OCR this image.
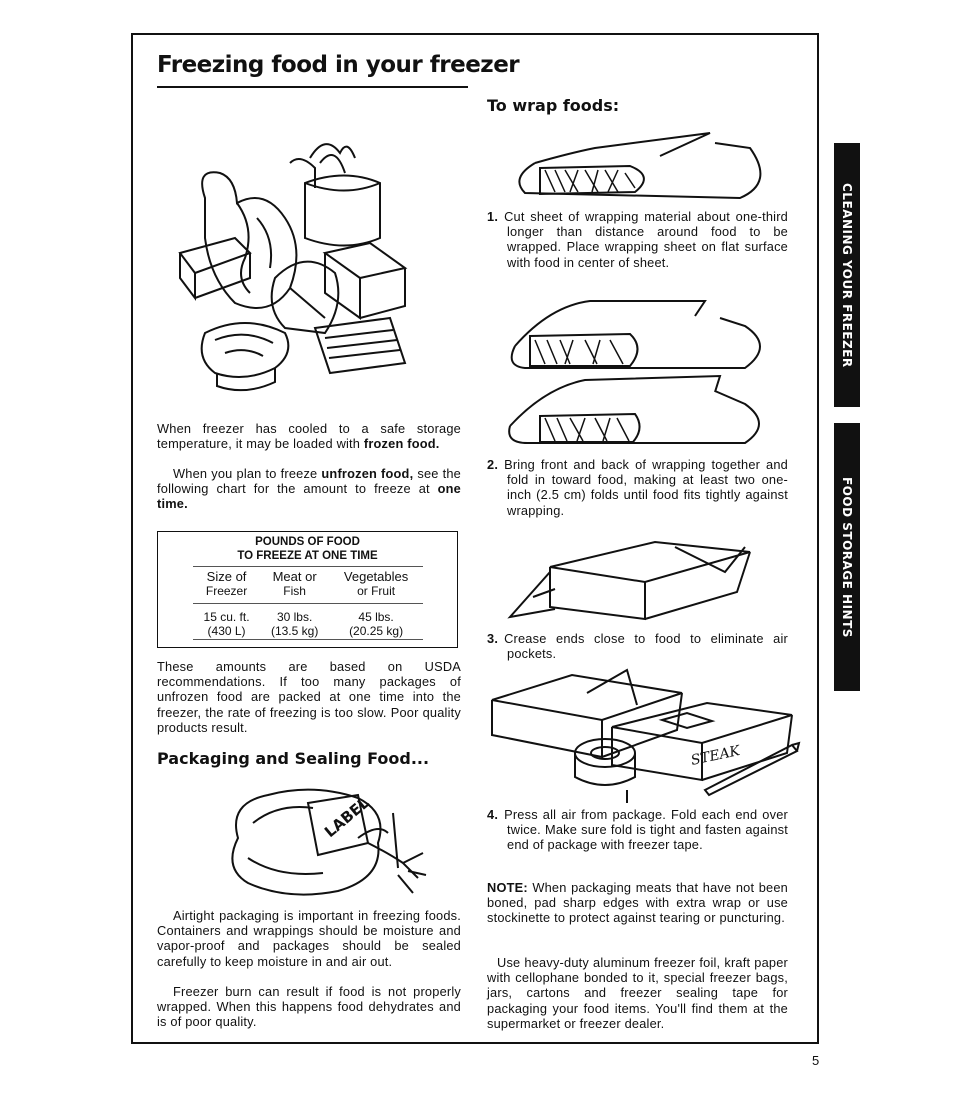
Freezing food in your freezer
CLEANING YOUR FREEZER
FOOD STORAGE HINTS

When freezer has cooled to a safe storage temperature, it may be loaded with frozen food.

When you plan to freeze unfrozen food, see the following chart for the amount to freeze at one time.

POUNDS OF FOOD
TO FREEZE AT ONE TIME
Size of	Meat or	Vegetables
Freezer	Fish	or Fruit
15 cu. ft.	30 lbs.	45 lbs.
(430 L)	(13.5 kg)	(20.25 kg)

These amounts are based on USDA recommendations. If too many packages of unfrozen food are packed at one time into the freezer, the rate of freezing is too slow. Poor quality products result.

Packaging and Sealing Food...
LABEL

Airtight packaging is important in freezing foods. Containers and wrappings should be moisture and vapor-proof and packages should be sealed carefully to keep moisture in and air out.

Freezer burn can result if food is not properly wrapped. When this happens food dehydrates and is of poor quality.

To wrap foods:

1. Cut sheet of wrapping material about one-third longer than distance around food to be wrapped. Place wrapping sheet on flat surface with food in center of sheet.

2. Bring front and back of wrapping together and fold in toward food, making at least two one-inch (2.5 cm) folds until food fits tightly against wrapping.

3. Crease ends close to food to eliminate air pockets.

STEAK

4. Press all air from package. Fold each end over twice. Make sure fold is tight and fasten against end of package with freezer tape.

NOTE: When packaging meats that have not been boned, pad sharp edges with extra wrap or use stockinette to protect against tearing or puncturing.

Use heavy-duty aluminum freezer foil, kraft paper with cellophane bonded to it, special freezer bags, jars, cartons and freezer sealing tape for packaging your food items. You'll find them at the supermarket or freezer dealer.

5
